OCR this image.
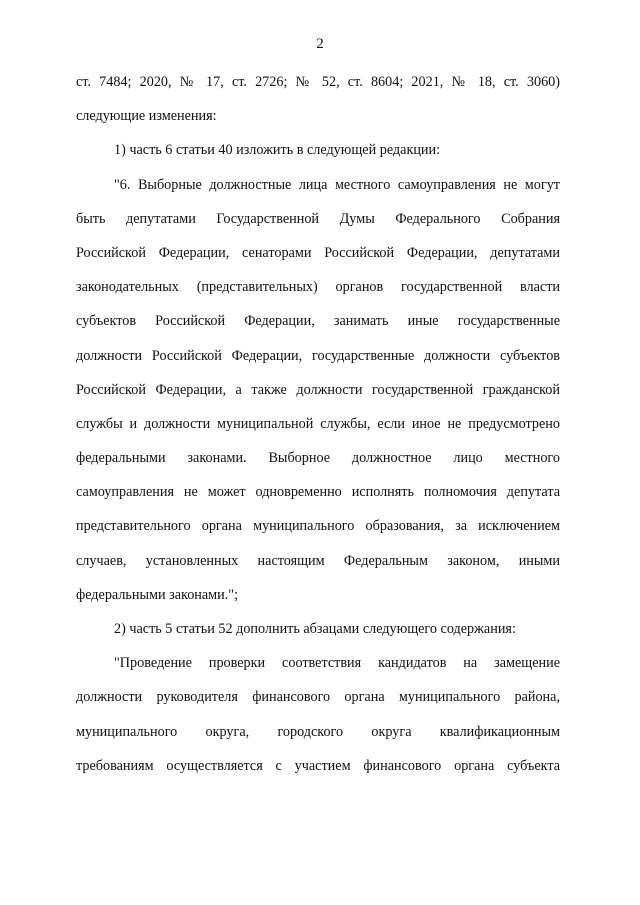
2
ст. 7484; 2020, № 17, ст. 2726; № 52, ст. 8604; 2021, № 18, ст. 3060)
следующие изменения:
1) часть 6 статьи 40 изложить в следующей редакции:
"6. Выборные должностные лица местного самоуправления не могут
быть депутатами Государственной Думы Федерального Собрания
Российской Федерации, сенаторами Российской Федерации, депутатами
законодательных (представительных) органов государственной власти
субъектов Российской Федерации, занимать иные государственные
должности Российской Федерации, государственные должности субъектов
Российской Федерации, а также должности государственной гражданской
службы и должности муниципальной службы, если иное не предусмотрено
федеральными законами. Выборное должностное лицо местного
самоуправления не может одновременно исполнять полномочия депутата
представительного органа муниципального образования, за исключением
случаев, установленных настоящим Федеральным законом, иными
федеральными законами.";
2) часть 5 статьи 52 дополнить абзацами следующего содержания:
"Проведение проверки соответствия кандидатов на замещение
должности руководителя финансового органа муниципального района,
муниципального округа, городского округа квалификационным
требованиям осуществляется с участием финансового органа субъекта
